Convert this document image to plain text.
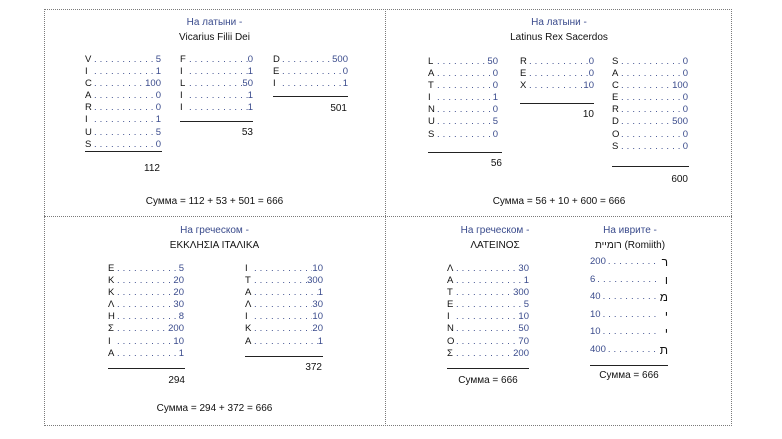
На латыни -
Vicarius Filii Dei
V . . .	5
I . . .	1
C . . .	100
A . . .	0
R . . .	0
I . . .	1
U . . .	5
S . . .	0
112
F . . .	0
I . . .	1
L . . .	50
I . . .	1
I . . .	1
53
D . . .	500
E . . .	0
I . . .	1
501
Сумма = 112 + 53 + 501 = 666
На латыни -
Latinus Rex Sacerdos
L . . .	50
A . . .	0
T . . .	0
I . . .	1
N . . .	0
U . . .	5
S . . .	0
56
R . . .	0
E . . .	0
X . . .	10
10
S . . .	0
A . . .	0
C . . .	100
E . . .	0
R . . .	0
D . . .	500
O . . .	0
S . . .	0
600
Сумма = 56 + 10 + 600 = 666
На греческом -
ΕΚΚΛΗΣΙΑ ΙΤΑΛΙΚΑ
Ε . . .	5
Κ . . .	20
Κ . . .	20
Λ . . .	30
Η . . .	8
Σ . . .	200
Ι . . .	10
Α . . .	1
294
Ι . . .	10
Τ . . .	300
Α . . .	1
Λ . . .	30
Ι . . .	10
Κ . . .	20
Α . . .	1
372
Сумма = 294 + 372 = 666
На греческом -
ΛΑΤΕΙΝΟΣ
Λ . . .	30
Α . . .	1
Τ . . .	300
Ε . . .	5
Ι . . .	10
Ν . . .	50
Ο . . .	70
Σ . . .	200
Сумма = 666
На иврите -
רומיית (Romiith)
200 . . .	ר
6 . . .	ו
40 . . .	מ
10 . . .	י
10 . . .	י
400 . . .	ת
Сумма = 666
